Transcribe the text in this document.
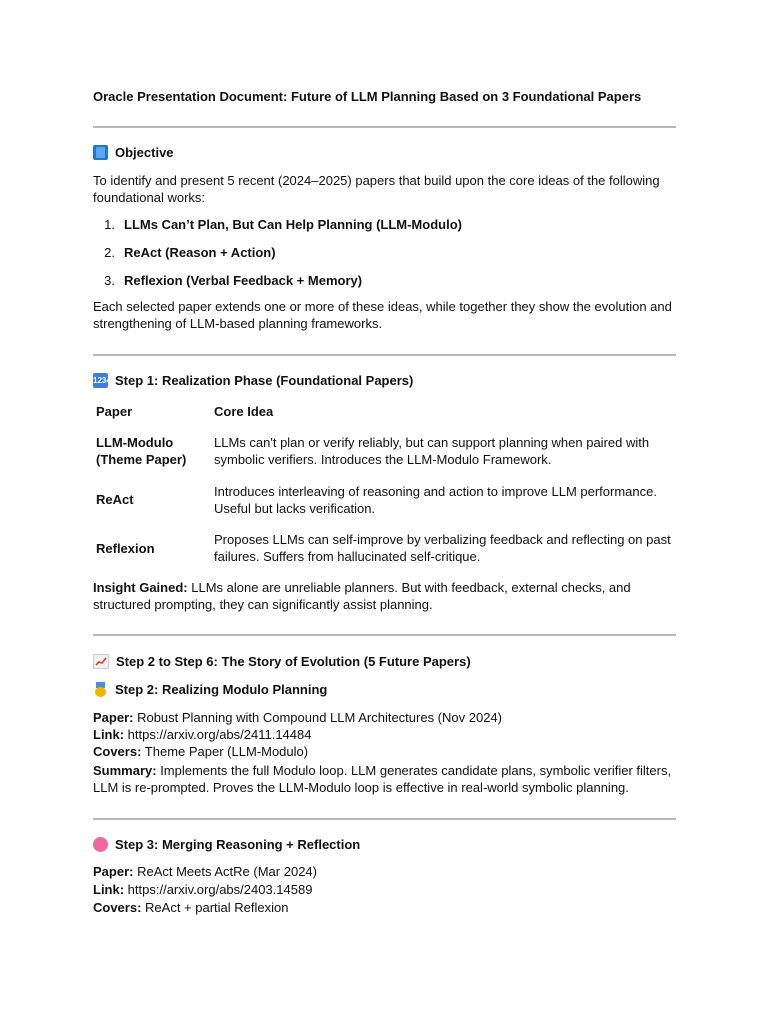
Oracle Presentation Document: Future of LLM Planning Based on 3 Foundational Papers
Objective
To identify and present 5 recent (2024–2025) papers that build upon the core ideas of the following foundational works:
1. LLMs Can’t Plan, But Can Help Planning (LLM-Modulo)
2. ReAct (Reason + Action)
3. Reflexion (Verbal Feedback + Memory)
Each selected paper extends one or more of these ideas, while together they show the evolution and strengthening of LLM-based planning frameworks.
1234 Step 1: Realization Phase (Foundational Papers)
Paper	Core Idea
LLM-Modulo (Theme Paper)
LLMs can't plan or verify reliably, but can support planning when paired with symbolic verifiers. Introduces the LLM-Modulo Framework.
ReAct
Introduces interleaving of reasoning and action to improve LLM performance. Useful but lacks verification.
Reflexion
Proposes LLMs can self-improve by verbalizing feedback and reflecting on past failures. Suffers from hallucinated self-critique.
Insight Gained: LLMs alone are unreliable planners. But with feedback, external checks, and structured prompting, they can significantly assist planning.
Step 2 to Step 6: The Story of Evolution (5 Future Papers)
Step 2: Realizing Modulo Planning
Paper: Robust Planning with Compound LLM Architectures (Nov 2024)
Link: https://arxiv.org/abs/2411.14484
Covers: Theme Paper (LLM-Modulo)
Summary: Implements the full Modulo loop. LLM generates candidate plans, symbolic verifier filters, LLM is re-prompted. Proves the LLM-Modulo loop is effective in real-world symbolic planning.
Step 3: Merging Reasoning + Reflection
Paper: ReAct Meets ActRe (Mar 2024)
Link: https://arxiv.org/abs/2403.14589
Covers: ReAct + partial Reflexion
